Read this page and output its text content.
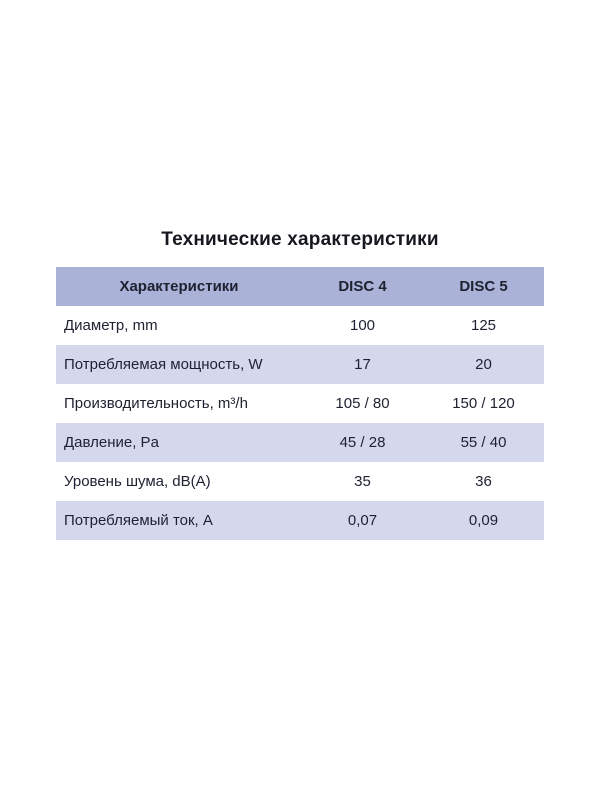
Технические характеристики
Характеристики	DISC 4	DISC 5
Диаметр, mm	100	125
Потребляемая мощность, W	17	20
Производительность, m³/h	105 / 80	150 / 120
Давление, Pa	45 / 28	55 / 40
Уровень шума, dB(A)	35	36
Потребляемый ток, А	0,07	0,09
